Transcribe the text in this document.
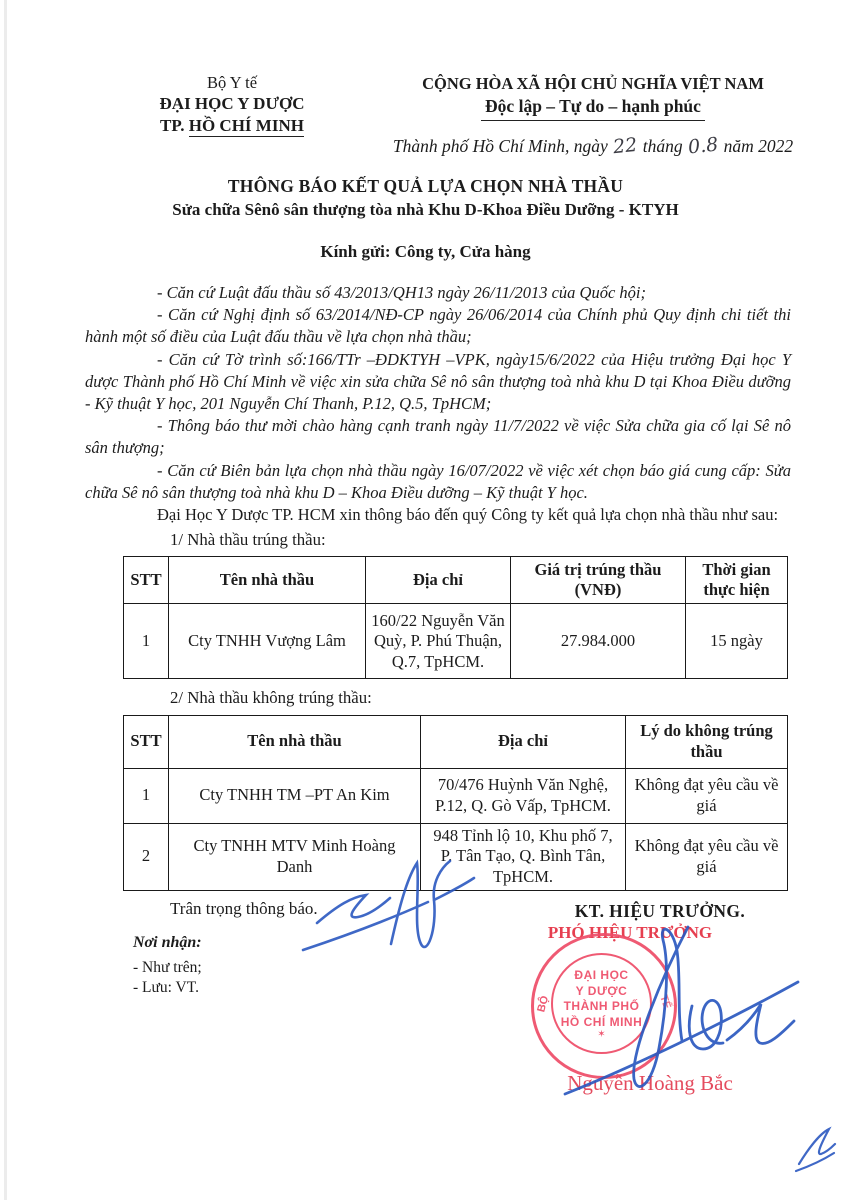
Bộ Y tế
ĐẠI HỌC Y DƯỢC
TP. HỒ CHÍ MINH
CỘNG HÒA XÃ HỘI CHỦ NGHĨA VIỆT NAM
Độc lập – Tự do – hạnh phúc
Thành phố Hồ Chí Minh, ngày 22 tháng 0.8 năm 2022
THÔNG BÁO KẾT QUẢ LỰA CHỌN NHÀ THẦU
Sửa chữa Sênô sân thượng tòa nhà Khu D-Khoa Điều Dưỡng - KTYH
Kính gửi: Công ty, Cửa hàng

- Căn cứ Luật đấu thầu số 43/2013/QH13 ngày 26/11/2013 của Quốc hội;

- Căn cứ Nghị định số 63/2014/NĐ-CP ngày 26/06/2014 của Chính phủ Quy định chi tiết thi hành một số điều của Luật đấu thầu về lựa chọn nhà thầu;

- Căn cứ Tờ trình số:166/TTr –ĐDKTYH –VPK, ngày15/6/2022 của Hiệu trưởng Đại học Y dược Thành phố Hồ Chí Minh về việc xin sửa chữa Sê nô sân thượng toà nhà khu D tại Khoa Điều dưỡng - Kỹ thuật Y học, 201 Nguyễn Chí Thanh, P.12, Q.5, TpHCM;

- Thông báo thư mời chào hàng cạnh tranh ngày 11/7/2022 về việc Sửa chữa gia cố lại Sê nô sân thượng;

- Căn cứ Biên bản lựa chọn nhà thầu ngày 16/07/2022 về việc xét chọn báo giá cung cấp: Sửa chữa Sê nô sân thượng toà nhà khu D – Khoa Điều dưỡng – Kỹ thuật Y học.

Đại Học Y Dược TP. HCM xin thông báo đến quý Công ty kết quả lựa chọn nhà thầu như sau:

1/ Nhà thầu trúng thầu:

STT	Tên nhà thầu	Địa chỉ	Giá trị trúng thầu (VNĐ)	Thời gian thực hiện
1	Cty TNHH Vượng Lâm	160/22 Nguyễn Văn Quỳ, P. Phú Thuận, Q.7, TpHCM.	27.984.000	15 ngày

2/ Nhà thầu không trúng thầu:

STT	Tên nhà thầu	Địa chỉ	Lý do không trúng thầu
1	Cty TNHH TM –PT An Kim	70/476 Huỳnh Văn Nghệ, P.12, Q. Gò Vấp, TpHCM.	Không đạt yêu cầu về giá
2	Cty TNHH MTV Minh Hoàng Danh	948 Tỉnh lộ 10, Khu phố 7, P. Tân Tạo, Q. Bình Tân, TpHCM.	Không đạt yêu cầu về giá

Trân trọng thông báo.

Nơi nhận:
- Như trên;
- Lưu: VT.
KT. HIỆU TRƯỞNG.
PHÓ HIỆU TRƯỞNG
BỘ	TẾ
ĐẠI HỌC
Y DƯỢC
THÀNH PHỐ
HỒ CHÍ MINH
✶
Nguyễn Hoàng Bắc
